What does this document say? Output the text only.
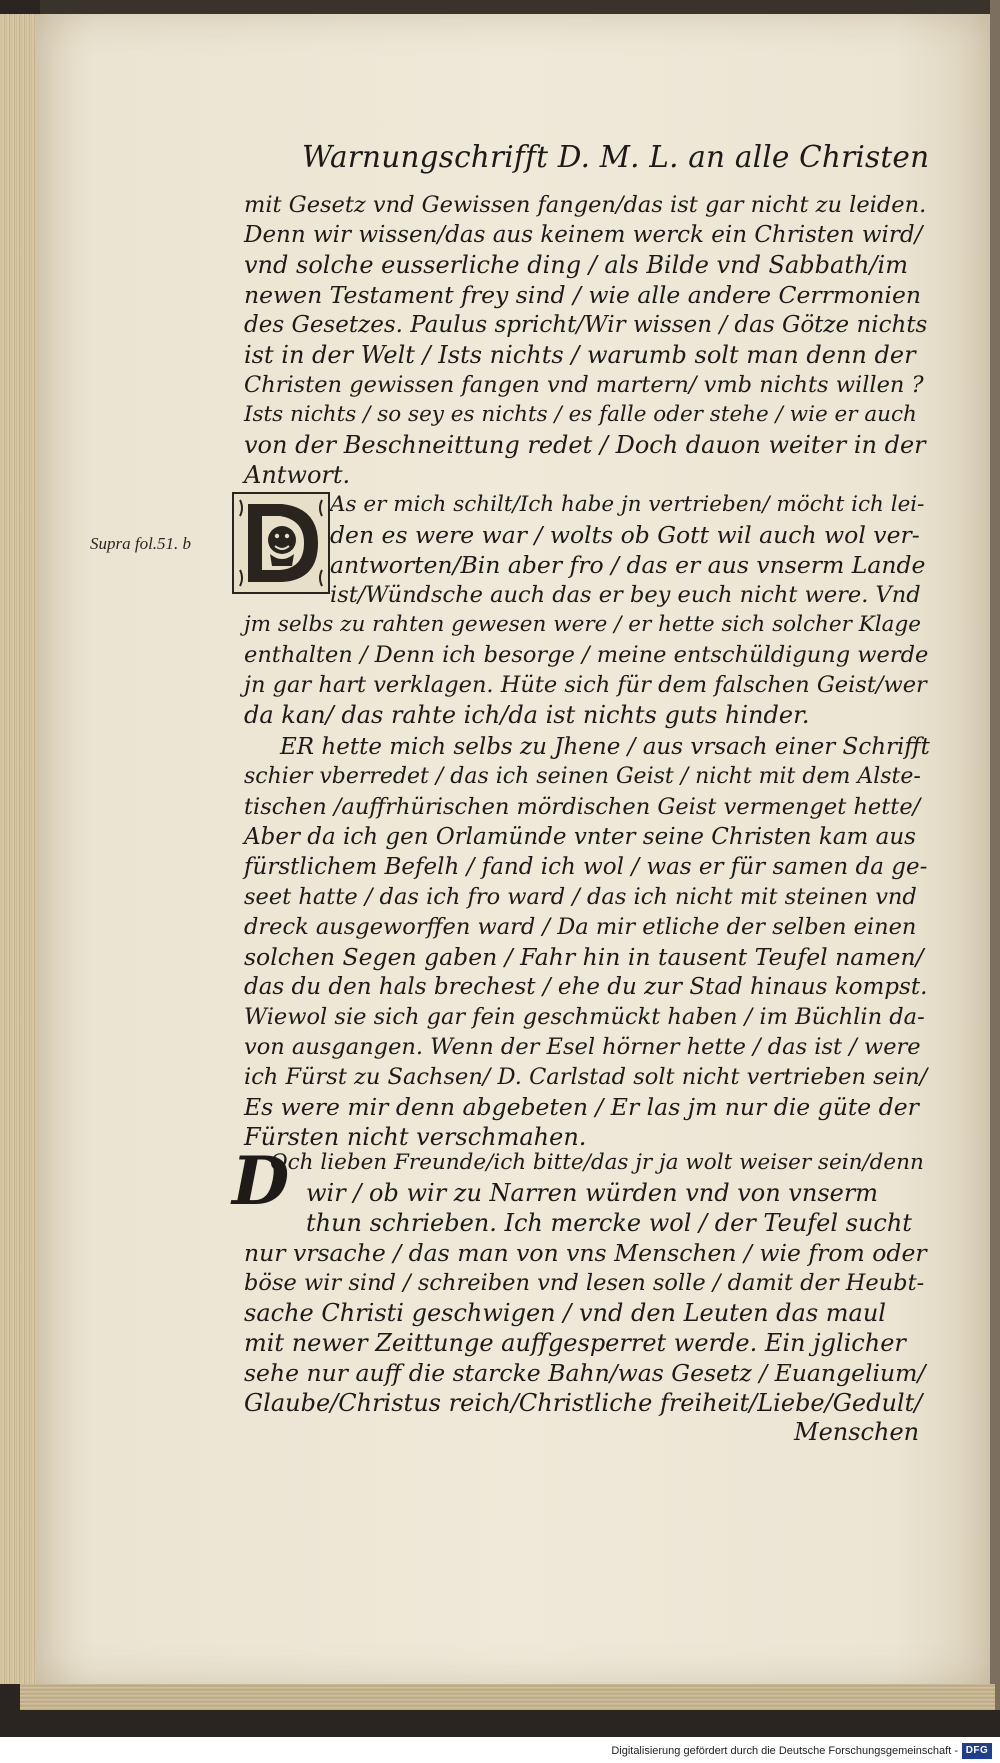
Warnungschrifft D. M. L. an alle Christen
Supra fol.51. b
mit Gesetz vnd Gewissen fangen/das ist gar nicht zu leiden.
Denn wir wissen/das aus keinem werck ein Christen wird/
vnd solche eusserliche ding / als Bilde vnd Sabbath/im
newen Testament frey sind / wie alle andere Cerrmonien
des Gesetzes. Paulus spricht/Wir wissen / das Götze nichts
ist in der Welt / Ists nichts / warumb solt man denn der
Christen gewissen fangen vnd martern/ vmb nichts willen ?
Ists nichts / so sey es nichts / es falle oder stehe / wie er auch
von der Beschneittung redet / Doch dauon weiter in der
Antwort.
As er mich schilt/Ich habe jn vertrieben/ möcht ich lei-
den es were war / wolts ob Gott wil auch wol ver-
antworten/Bin aber fro / das er aus vnserm Lande
ist/Wündsche auch das er bey euch nicht were. Vnd
jm selbs zu rahten gewesen were / er hette sich solcher Klage
enthalten / Denn ich besorge / meine entschüldigung werde
jn gar hart verklagen. Hüte sich für dem falschen Geist/wer
da kan/ das rahte ich/da ist nichts guts hinder.
ER hette mich selbs zu Jhene / aus vrsach einer Schrifft
schier vberredet / das ich seinen Geist / nicht mit dem Alste-
tischen /auffrhürischen mördischen Geist vermenget hette/
Aber da ich gen Orlamünde vnter seine Christen kam aus
fürstlichem Befelh / fand ich wol / was er für samen da ge-
seet hatte / das ich fro ward / das ich nicht mit steinen vnd
dreck ausgeworffen ward / Da mir etliche der selben einen
solchen Segen gaben / Fahr hin in tausent Teufel namen/
das du den hals brechest / ehe du zur Stad hinaus kompst.
Wiewol sie sich gar fein geschmückt haben / im Büchlin da-
von ausgangen. Wenn der Esel hörner hette / das ist / were
ich Fürst zu Sachsen/ D. Carlstad solt nicht vertrieben sein/
Es were mir denn abgebeten / Er las jm nur die güte der
Fürsten nicht verschmahen.
D
Och lieben Freunde/ich bitte/das jr ja wolt weiser sein/denn
wir / ob wir zu Narren würden vnd von vnserm
thun schrieben. Ich mercke wol / der Teufel sucht
nur vrsache / das man von vns Menschen / wie from oder
böse wir sind / schreiben vnd lesen solle / damit der Heubt-
sache Christi geschwigen / vnd den Leuten das maul
mit newer Zeittunge auffgesperret werde. Ein jglicher
sehe nur auff die starcke Bahn/was Gesetz / Euangelium/
Glaube/Christus reich/Christliche freiheit/Liebe/Gedult/
Menschen
Digitalisierung gefördert durch die Deutsche Forschungsgemeinschaft - DFG
